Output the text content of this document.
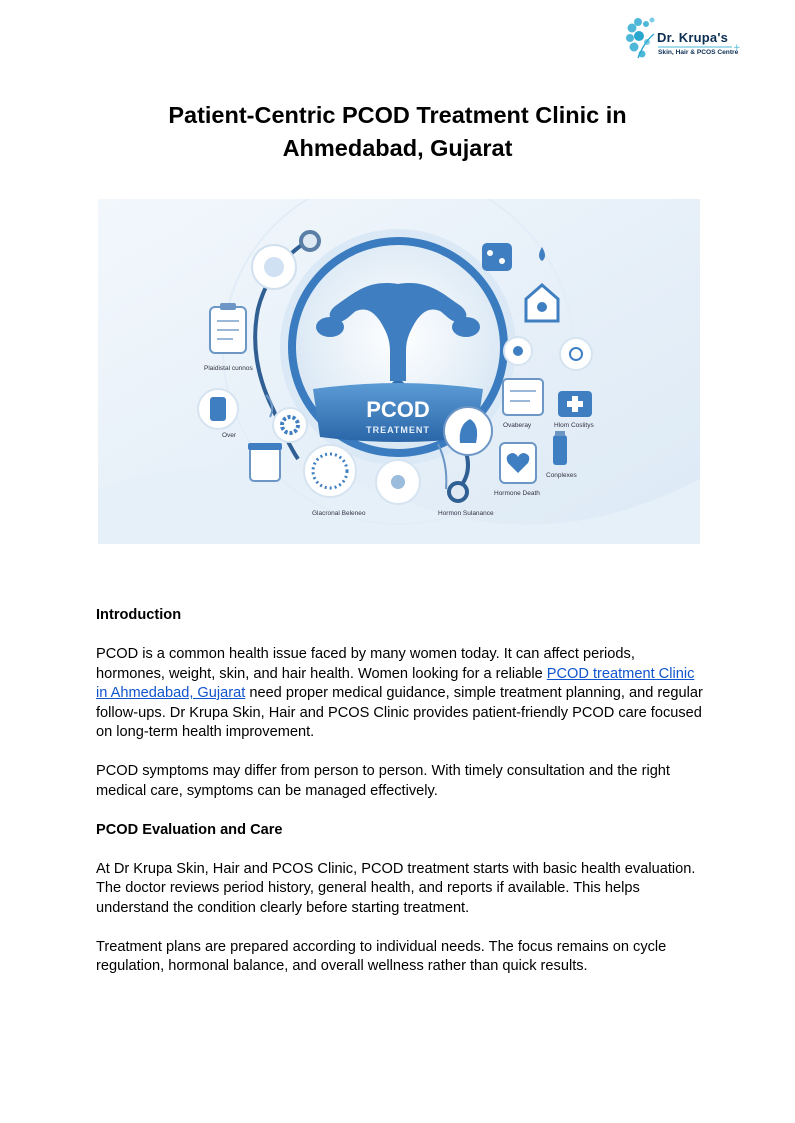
Dr. Krupa's
+
Skin, Hair & PCOS Centre
Patient-Centric PCOD Treatment Clinic in
Ahmedabad, Gujarat
PCOD
TREATMENT
Plaidistal cunnos
Over
Glacronal Beleneo	Hormon Sulanance
Ovaberay	Hlom Coslitys
Hormone Death
Conplexes
Introduction

PCOD is a common health issue faced by many women today. It can affect periods, hormones, weight, skin, and hair health. Women looking for a reliable PCOD treatment Clinic in Ahmedabad, Gujarat need proper medical guidance, simple treatment planning, and regular follow-ups. Dr Krupa Skin, Hair and PCOS Clinic provides patient-friendly PCOD care focused on long-term health improvement.

PCOD symptoms may differ from person to person. With timely consultation and the right medical care, symptoms can be managed effectively.

PCOD Evaluation and Care

At Dr Krupa Skin, Hair and PCOS Clinic, PCOD treatment starts with basic health evaluation. The doctor reviews period history, general health, and reports if available. This helps understand the condition clearly before starting treatment.

Treatment plans are prepared according to individual needs. The focus remains on cycle regulation, hormonal balance, and overall wellness rather than quick results.
